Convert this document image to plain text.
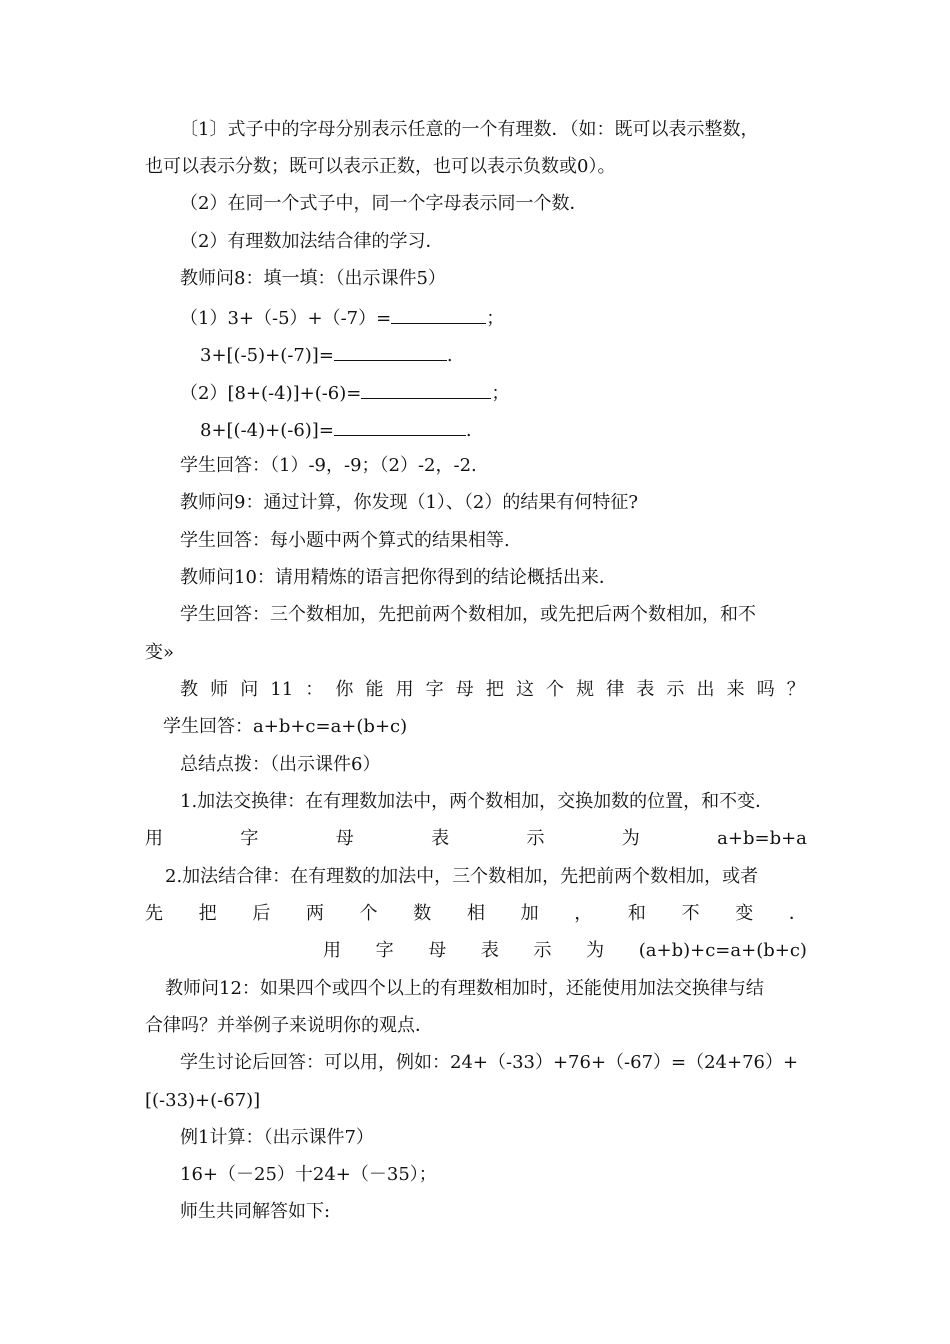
〔1〕式子中的字母分别表示任意的一个有理数．（如：既可以表示整数，
也可以表示分数；既可以表示正数，也可以表示负数或0）。
（2）在同一个式子中，同一个字母表示同一个数．
（2）有理数加法结合律的学习．
教师问8：填一填：（出示课件5）
（1）3+（-5）+（-7）=	；
3+[(-5)+(-7)]=	.
（2）[8+(-4)]+(-6)=	；
8+[(-4)+(-6)]=	.
学生回答：（1）-9，-9；（2）-2，-2.
教师问9：通过计算，你发现（1）、（2）的结果有何特征?
学生回答：每小题中两个算式的结果相等.
教师问10：请用精炼的语言把你得到的结论概括出来．
学生回答：三个数相加，先把前两个数相加，或先把后两个数相加，和不
变»
教 师 问 11 ： 你 能 用 字 母 把 这 个 规 律 表 示 出 来 吗 ？
学生回答：a+b+c=a+(b+c)
总结点拨：（出示课件6）
1.加法交换律：在有理数加法中，两个数相加，交换加数的位置，和不变．
用	字	母	表	示	为	a+b=b+a
2.加法结合律：在有理数的加法中，三个数相加，先把前两个数相加，或者
先 把 后 两 个 数 相 加 ， 和 不 变 ．
用 字 母 表 示 为 (a+b)+c=a+(b+c)
教师问12：如果四个或四个以上的有理数相加时，还能使用加法交换律与结
合律吗？并举例子来说明你的观点．
学生讨论后回答：可以用，例如：24+（-33）+76+（-67）=（24+76）+
[(-33)+(-67)]
例1计算：（出示课件7）
16+（－25）十24+（－35）；
师生共同解答如下:
